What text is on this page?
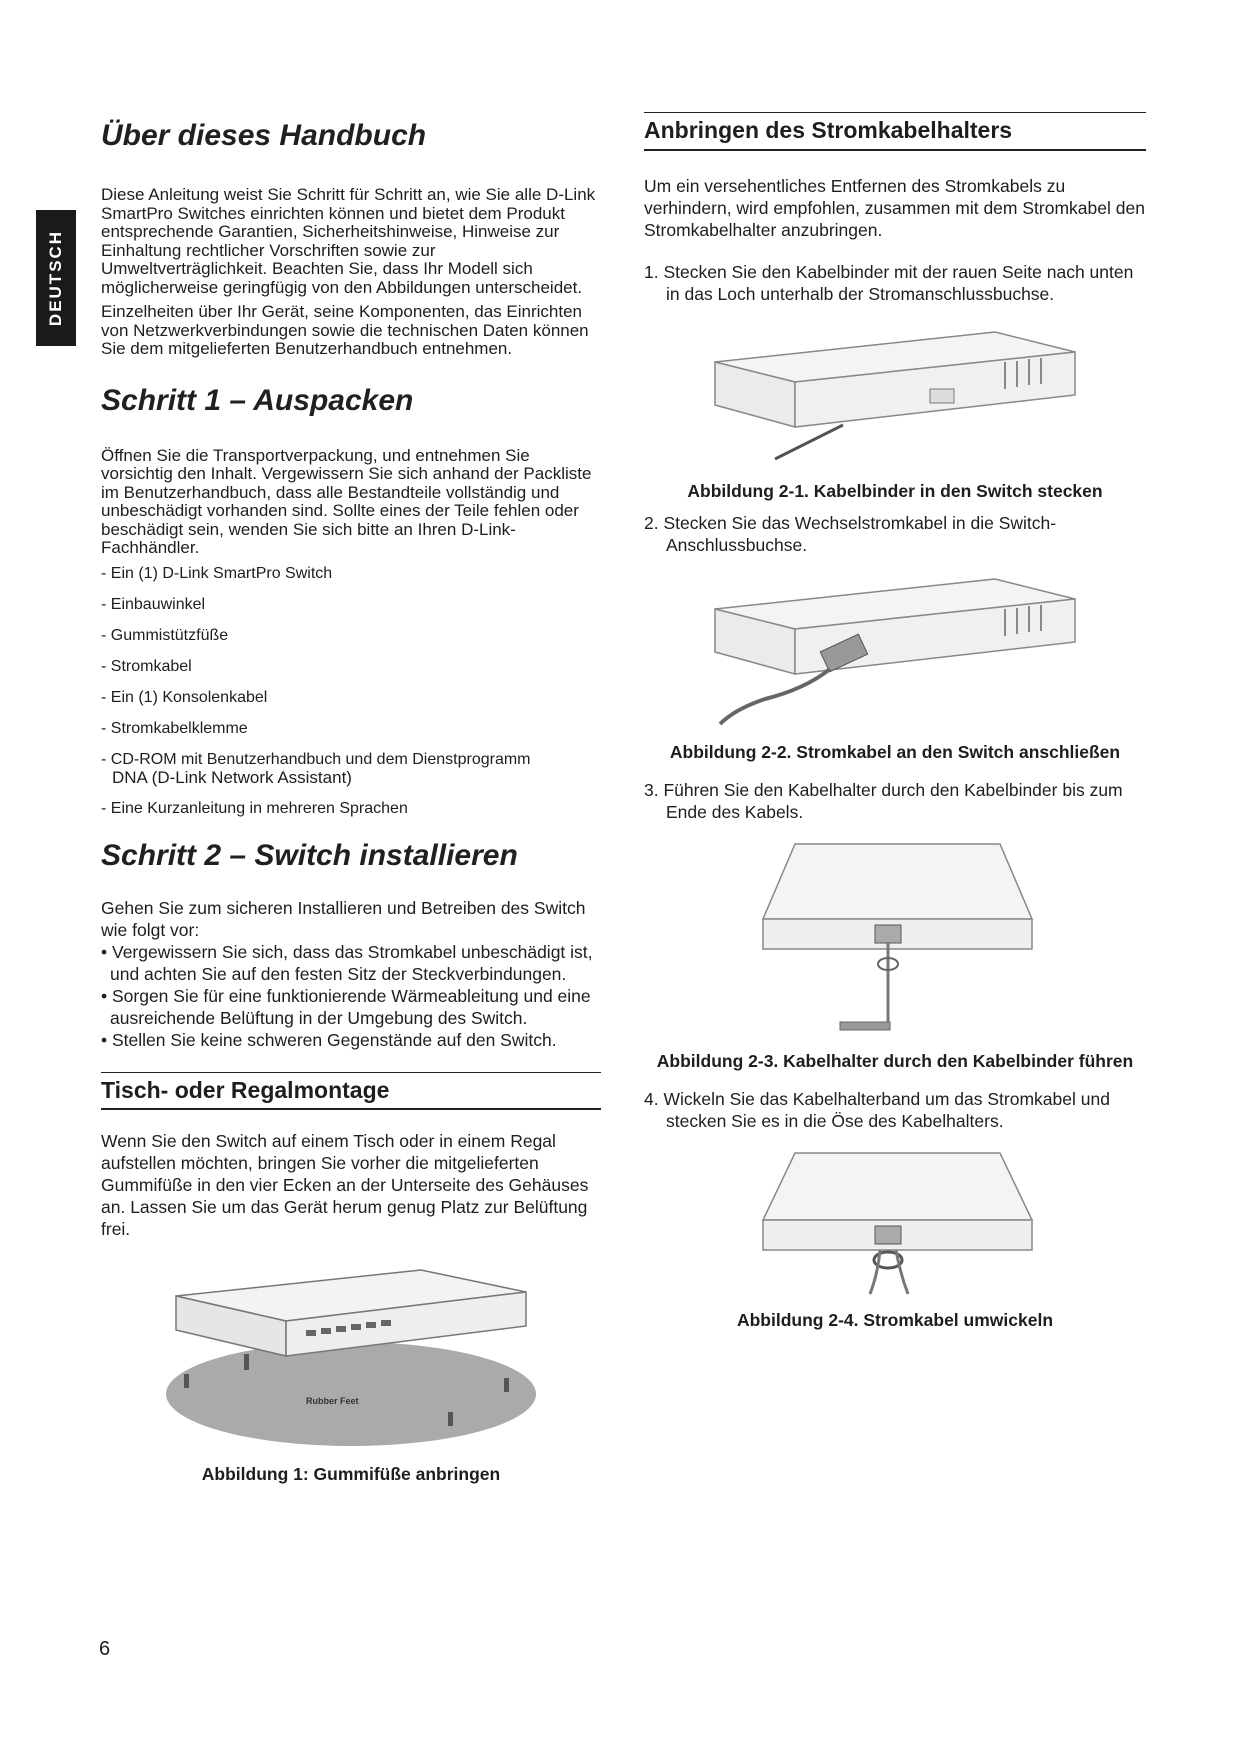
DEUTSCH
Über dieses Handbuch

Diese Anleitung weist Sie Schritt für Schritt an, wie Sie alle D-Link SmartPro Switches einrichten können und bietet dem Produkt entsprechende Garantien, Sicherheitshinweise, Hinweise zur Einhaltung rechtlicher Vorschriften sowie zur Umweltverträglichkeit. Beachten Sie, dass Ihr Modell sich möglicherweise geringfügig von den Abbildungen unterscheidet.

Einzelheiten über Ihr Gerät, seine Komponenten, das Einrichten von Netzwerkverbindungen sowie die technischen Daten können Sie dem mitgelieferten Benutzerhandbuch entnehmen.

Schritt 1 – Auspacken

Öffnen Sie die Transportverpackung, und entnehmen Sie vorsichtig den Inhalt. Vergewissern Sie sich anhand der Packliste im Benutzerhandbuch, dass alle Bestandteile vollständig und unbeschädigt vorhanden sind. Sollte eines der Teile fehlen oder beschädigt sein, wenden Sie sich bitte an Ihren D-Link-Fachhändler.

- Ein (1) D-Link SmartPro Switch
- Einbauwinkel
- Gummistützfüße
- Stromkabel
- Ein (1) Konsolenkabel
- Stromkabelklemme
- CD-ROM mit Benutzerhandbuch und dem Dienstprogramm
DNA (D-Link Network Assistant)
- Eine Kurzanleitung in mehreren Sprachen
Schritt 2 – Switch installieren

Gehen Sie zum sicheren Installieren und Betreiben des Switch wie folgt vor:

• Vergewissern Sie sich, dass das Stromkabel unbeschädigt ist, und achten Sie auf den festen Sitz der Steckverbindungen.
• Sorgen Sie für eine funktionierende Wärmeableitung und eine ausreichende Belüftung in der Umgebung des Switch.
• Stellen Sie keine schweren Gegenstände auf den Switch.
Tisch- oder Regalmontage

Wenn Sie den Switch auf einem Tisch oder in einem Regal aufstellen möchten, bringen Sie vorher die mitgelieferten Gummifüße in den vier Ecken an der Unterseite des Gehäuses an. Lassen Sie um das Gerät herum genug Platz zur Belüftung frei.

Rubber Feet
Abbildung 1: Gummifüße anbringen
Anbringen des Stromkabelhalters

Um ein versehentliches Entfernen des Stromkabels zu verhindern, wird empfohlen, zusammen mit dem Stromkabel den Stromkabelhalter anzubringen.

1. Stecken Sie den Kabelbinder mit der rauen Seite nach unten in das Loch unterhalb der Stromanschlussbuchse.

Abbildung 2-1. Kabelbinder in den Switch stecken

2. Stecken Sie das Wechselstromkabel in die Switch-Anschlussbuchse.

Abbildung 2-2. Stromkabel an den Switch anschließen

3. Führen Sie den Kabelhalter durch den Kabelbinder bis zum Ende des Kabels.

Abbildung 2-3. Kabelhalter durch den Kabelbinder führen

4. Wickeln Sie das Kabelhalterband um das Stromkabel und stecken Sie es in die Öse des Kabelhalters.

Abbildung 2-4. Stromkabel umwickeln
6
